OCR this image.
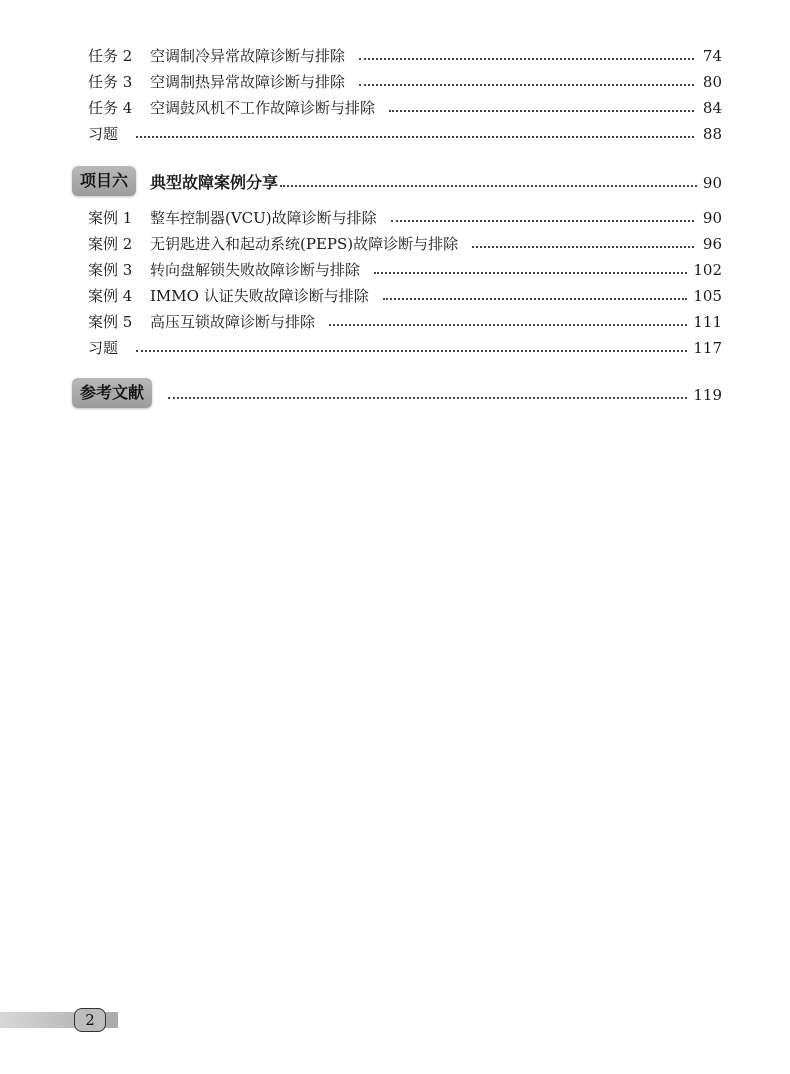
任务 2	空调制冷异常故障诊断与排除	74
任务 3	空调制热异常故障诊断与排除	80
任务 4	空调鼓风机不工作故障诊断与排除	84
习题	88
项目六	典型故障案例分享	90
案例 1	整车控制器(VCU)故障诊断与排除	90
案例 2	无钥匙进入和起动系统(PEPS)故障诊断与排除	96
案例 3	转向盘解锁失败故障诊断与排除	102
案例 4	IMMO 认证失败故障诊断与排除	105
案例 5	高压互锁故障诊断与排除	111
习题	117
参考文献	119
2
